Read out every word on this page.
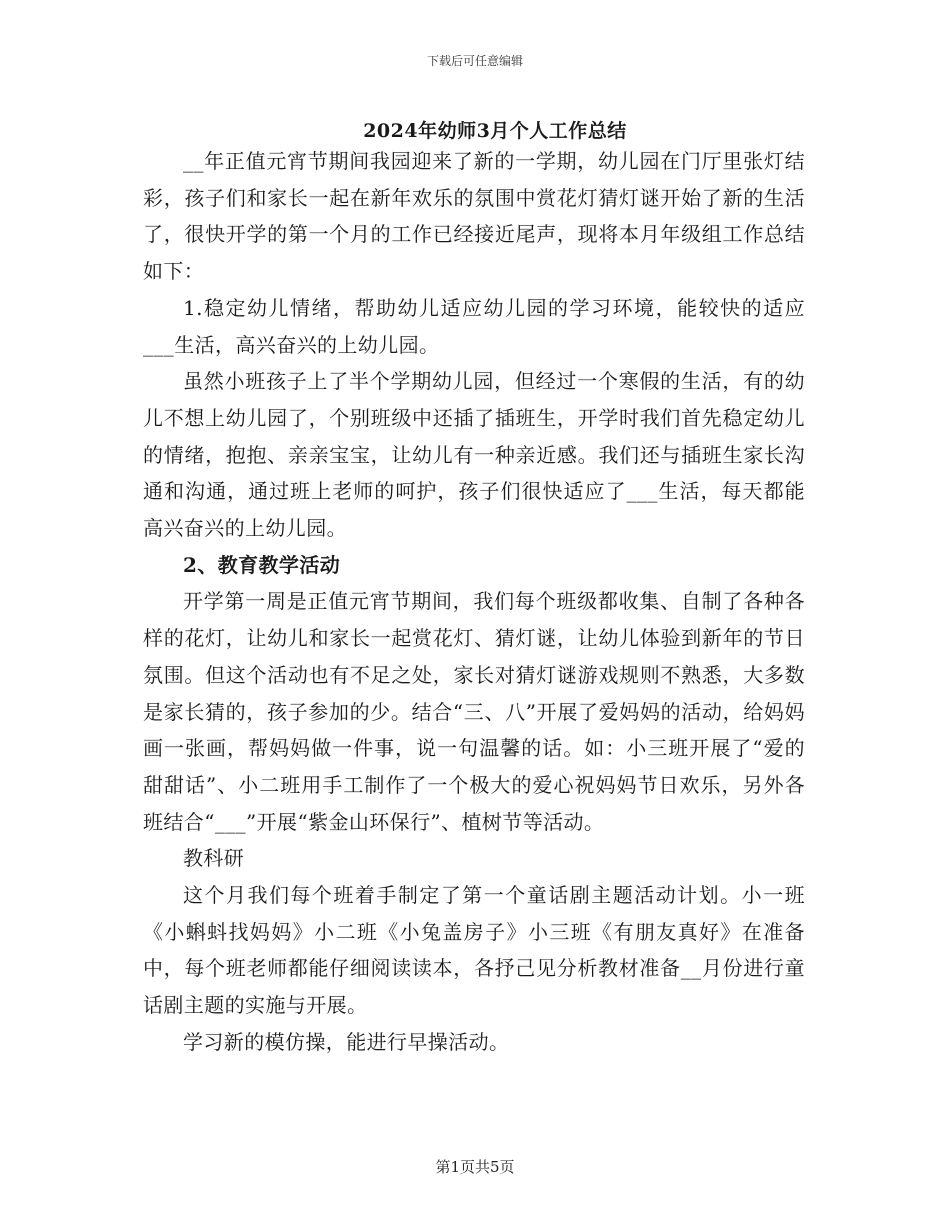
下载后可任意编辑
2024年幼师3月个人工作总结

__年正值元宵节期间我园迎来了新的一学期，幼儿园在门厅里张灯结彩，孩子们和家长一起在新年欢乐的氛围中赏花灯猜灯谜开始了新的生活了，很快开学的第一个月的工作已经接近尾声，现将本月年级组工作总结如下：

1.稳定幼儿情绪，帮助幼儿适应幼儿园的学习环境，能较快的适应___生活，高兴奋兴的上幼儿园。

虽然小班孩子上了半个学期幼儿园，但经过一个寒假的生活，有的幼儿不想上幼儿园了，个别班级中还插了插班生，开学时我们首先稳定幼儿的情绪，抱抱、亲亲宝宝，让幼儿有一种亲近感。我们还与插班生家长沟通和沟通，通过班上老师的呵护，孩子们很快适应了___生活，每天都能高兴奋兴的上幼儿园。

2、教育教学活动

开学第一周是正值元宵节期间，我们每个班级都收集、自制了各种各样的花灯，让幼儿和家长一起赏花灯、猜灯谜，让幼儿体验到新年的节日氛围。但这个活动也有不足之处，家长对猜灯谜游戏规则不熟悉，大多数是家长猜的，孩子参加的少。结合“三、八”开展了爱妈妈的活动，给妈妈画一张画，帮妈妈做一件事，说一句温馨的话。如：小三班开展了“爱的甜甜话”、小二班用手工制作了一个极大的爱心祝妈妈节日欢乐，另外各班结合“___”开展“紫金山环保行”、植树节等活动。

教科研

这个月我们每个班着手制定了第一个童话剧主题活动计划。小一班《小蝌蚪找妈妈》小二班《小兔盖房子》小三班《有朋友真好》在准备中，每个班老师都能仔细阅读读本，各抒己见分析教材准备__月份进行童话剧主题的实施与开展。

学习新的模仿操，能进行早操活动。

第1页共5页
